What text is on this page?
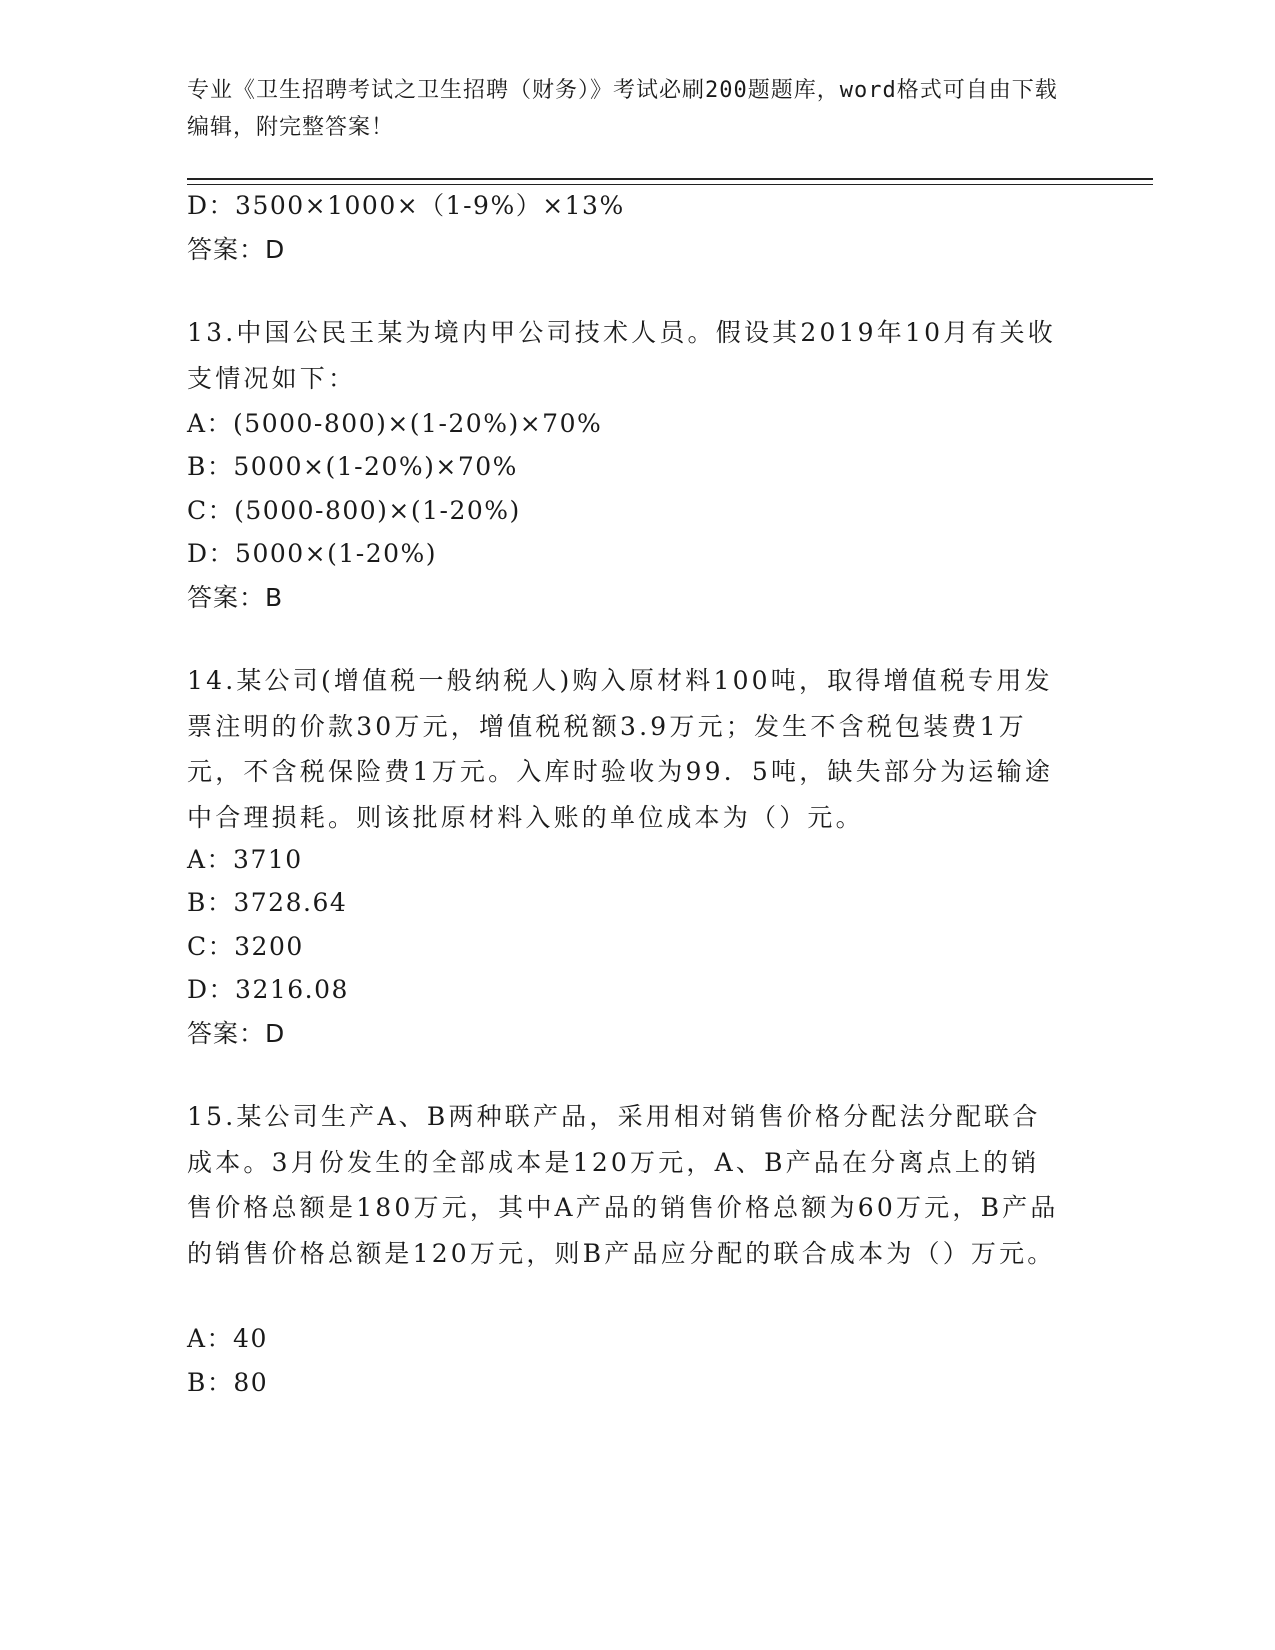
专业《卫生招聘考试之卫生招聘（财务）》考试必刷200题题库，word格式可自由下载编辑，附完整答案！
D：3500×1000×（1-9%）×13%
答案：D
13.中国公民王某为境内甲公司技术人员。假设其2019年10月有关收支情况如下：
A：(5000-800)×(1-20%)×70%
B：5000×(1-20%)×70%
C：(5000-800)×(1-20%)
D：5000×(1-20%)
答案：B
14.某公司(增值税一般纳税人)购入原材料100吨，取得增值税专用发票注明的价款30万元，增值税税额3.9万元；发生不含税包装费1万元，不含税保险费1万元。入库时验收为99．5吨，缺失部分为运输途中合理损耗。则该批原材料入账的单位成本为（）元。
A：3710
B：3728.64
C：3200
D：3216.08
答案：D
15.某公司生产A、B两种联产品，采用相对销售价格分配法分配联合成本。3月份发生的全部成本是120万元，A、B产品在分离点上的销售价格总额是180万元，其中A产品的销售价格总额为60万元，B产品的销售价格总额是120万元，则B产品应分配的联合成本为（）万元。
A：40
B：80
